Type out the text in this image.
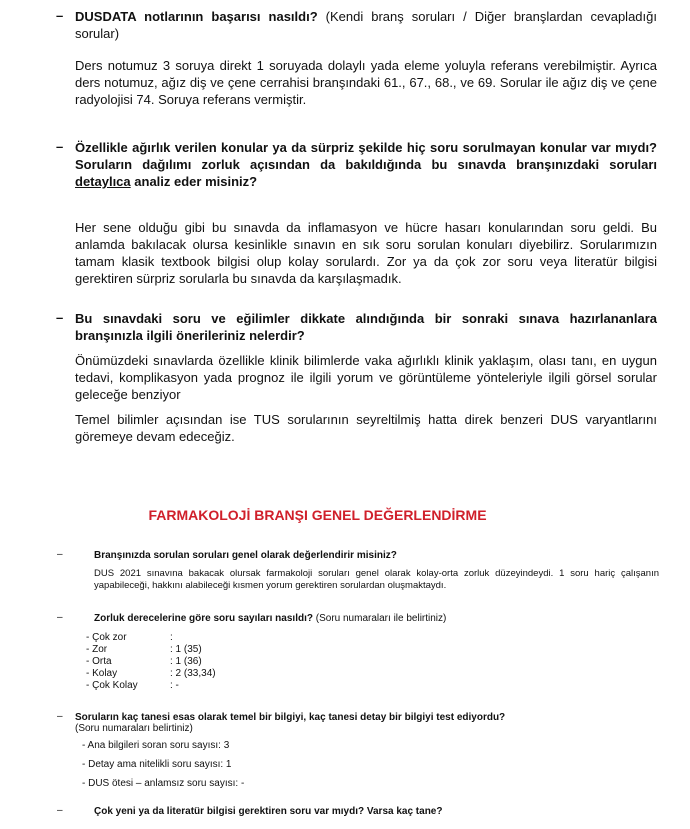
– DUSDATA notlarının başarısı nasıldı? (Kendi branş soruları / Diğer branşlardan cevapladığı sorular)
Ders notumuz 3 soruya direkt 1 soruyada dolaylı yada eleme yoluyla referans verebilmiştir. Ayrıca ders notumuz, ağız diş ve çene cerrahisi branşındaki 61., 67., 68., ve 69. Sorular ile ağız diş ve çene radyolojisi 74. Soruya referans vermiştir.
– Özellikle ağırlık verilen konular ya da sürpriz şekilde hiç soru sorulmayan konular var mıydı? Soruların dağılımı zorluk açısından da bakıldığında bu sınavda branşınızdaki soruları detaylıca analiz eder misiniz?
Her sene olduğu gibi bu sınavda da inflamasyon ve hücre hasarı konularından soru geldi. Bu anlamda bakılacak olursa kesinlikle sınavın en sık soru sorulan konuları diyebilirz. Sorularımızın tamam klasik textbook bilgisi olup kolay sorulardı. Zor ya da çok zor soru veya literatür bilgisi gerektiren sürpriz sorularla bu sınavda da karşılaşmadık.
– Bu sınavdaki soru ve eğilimler dikkate alındığında bir sonraki sınava hazırlananlara branşınızla ilgili önerileriniz nelerdir?
Önümüzdeki sınavlarda özellikle klinik bilimlerde vaka ağırlıklı klinik yaklaşım, olası tanı, en uygun tedavi, komplikasyon yada prognoz ile ilgili yorum ve görüntüleme yönteleriyle ilgili görsel sorular geleceğe benziyor
Temel bilimler açısından ise TUS sorularının seyreltilmiş hatta direk benzeri DUS varyantlarını göremeye devam edeceğiz.
FARMAKOLOJİ BRANŞI GENEL DEĞERLENDİRME
–	Branşınızda sorulan soruları genel olarak değerlendirir misiniz?
DUS 2021 sınavına bakacak olursak farmakoloji soruları genel olarak kolay-orta zorluk düzeyindeydi. 1 soru hariç çalışanın yapabileceği, hakkını alabileceği kısmen yorum gerektiren sorulardan oluşmaktaydı.
–	Zorluk derecelerine göre soru sayıları nasıldı? (Soru numaraları ile belirtiniz)
- Çok zor	:
- Zor	: 1 (35)
- Orta	: 1 (36)
- Kolay	: 2 (33,34)
- Çok Kolay	: -
– Soruların kaç tanesi esas olarak temel bir bilgiyi, kaç tanesi detay bir bilgiyi test ediyordu?
(Soru numaraları belirtiniz)
- Ana bilgileri soran soru sayısı: 3
- Detay ama nitelikli soru sayısı: 1
- DUS ötesi – anlamsız soru sayısı: -
–	Çok yeni ya da literatür bilgisi gerektiren soru var mıydı? Varsa kaç tane?
